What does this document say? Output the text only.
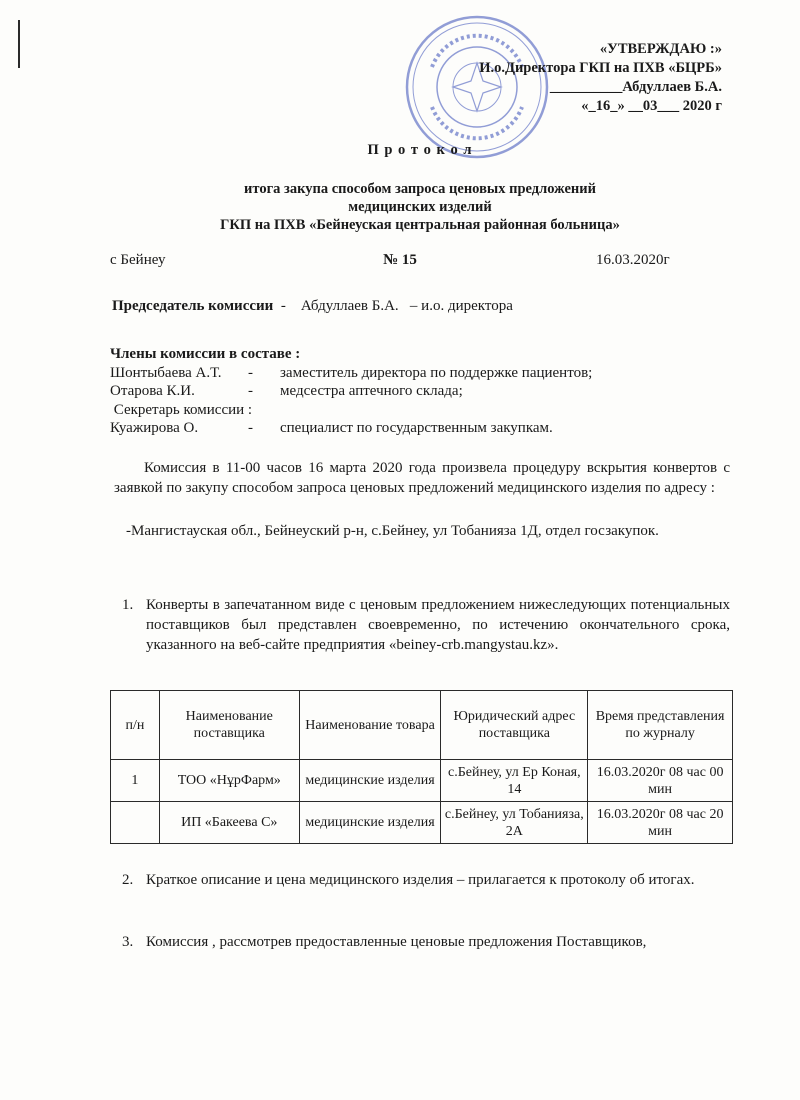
«УТВЕРЖДАЮ :»
И.о.Директора ГКП на ПХВ «БЦРБ»
__________Абдуллаев Б.А.
«_16_» __03___ 2020 г
П р о т о к о л
итога закупа способом запроса ценовых предложений
медицинских изделий
ГКП на ПХВ «Бейнеуская центральная районная больница»
с Бейнеу	№ 15	16.03.2020г
Председатель комиссии  -    Абдуллаев Б.А.   – и.о. директора
Члены комиссии в составе :
Шонтыбаева А.Т. - заместитель директора по поддержке пациентов;
Отарова К.И.	- медсестра аптечного склада;
Секретарь комиссии :
Куажирова О.	- специалист по государственным закупкам.
Комиссия в 11-00 часов 16 марта 2020 года произвела процедуру вскрытия конвертов с заявкой по закупу способом запроса ценовых предложений медицинского изделия по адресу :
-Мангистауская обл., Бейнеуский р-н, с.Бейнеу, ул Тобанияза 1Д, отдел госзакупок.
1. Конверты в запечатанном виде с ценовым предложением нижеследующих потенциальных поставщиков был представлен своевременно, по истечению окончательного срока, указанного на веб-сайте предприятия «beiney-crb.mangystau.kz».
п/н	Наименование поставщика	Наименование товара	Юридический адрес поставщика	Время представления по журналу
1	ТОО «НұрФарм»	медицинские изделия	с.Бейнеу, ул Ер Коная, 14	16.03.2020г 08 час 00 мин
	ИП «Бакеева С»	медицинские изделия	с.Бейнеу, ул Тобанияза, 2А	16.03.2020г 08 час 20 мин
2. Краткое описание и цена медицинского изделия – прилагается к протоколу об итогах.
3. Комиссия , рассмотрев предоставленные ценовые предложения Поставщиков,
